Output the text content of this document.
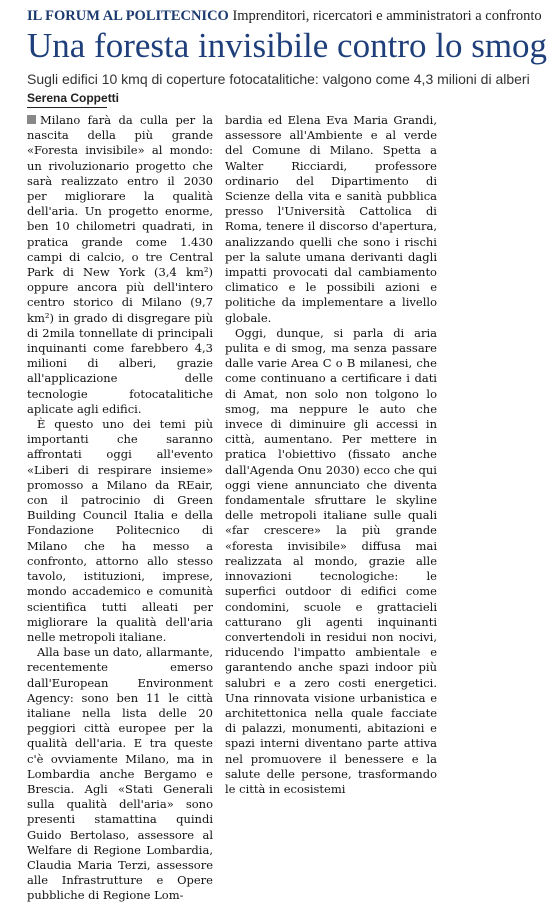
IL FORUM AL POLITECNICO Imprenditori, ricercatori e amministratori a confronto
Una foresta invisibile contro lo smog
Sugli edifici 10 kmq di coperture fotocatalitiche: valgono come 4,3 milioni di alberi
Serena Coppetti

Milano farà da culla per la nascita della più grande «Foresta invisibile» al mondo: un rivoluzionario progetto che sarà realizzato entro il 2030 per migliorare la qualità dell'aria. Un progetto enorme, ben 10 chilometri quadrati, in pratica grande come 1.430 campi di calcio, o tre Central Park di New York (3,4 km²) oppure ancora più dell'intero centro storico di Milano (9,7 km²) in grado di disgregare più di 2mila tonnellate di principali inquinanti come farebbero 4,3 milioni di alberi, grazie all'applicazione delle tecnologie fotocatalitiche aplicate agli edifici.

È questo uno dei temi più importanti che saranno affrontati oggi all'evento «Liberi di respirare insieme» promosso a Milano da REair, con il patrocinio di Green Building Council Italia e della Fondazione Politecnico di Milano che ha messo a confronto, attorno allo stesso tavolo, istituzioni, imprese, mondo accademico e comunità scientifica tutti alleati per migliorare la qualità dell'aria nelle metropoli italiane.

Alla base un dato, allarmante, recentemente emerso dall'European Environment Agency: sono ben 11 le città italiane nella lista delle 20 peggiori città europee per la qualità dell'aria. E tra queste c'è ovviamente Milano, ma in Lombardia anche Bergamo e Brescia. Agli «Stati Generali sulla qualità dell'aria» sono presenti stamattina quindi Guido Bertolaso, assessore al Welfare di Regione Lombardia, Claudia Maria Terzi, assessore alle Infrastrutture e Opere pubbliche di Regione Lom-

bardia ed Elena Eva Maria Grandi, assessore all'Ambiente e al verde del Comune di Milano. Spetta a Walter Ricciardi, professore ordinario del Dipartimento di Scienze della vita e sanità pubblica presso l'Università Cattolica di Roma, tenere il discorso d'apertura, analizzando quelli che sono i rischi per la salute umana derivanti dagli impatti provocati dal cambiamento climatico e le possibili azioni e politiche da implementare a livello globale.

Oggi, dunque, si parla di aria pulita e di smog, ma senza passare dalle varie Area C o B milanesi, che come continuano a certificare i dati di Amat, non solo non tolgono lo smog, ma neppure le auto che invece di diminuire gli accessi in città, aumentano. Per mettere in pratica l'obiettivo (fissato anche dall'Agenda Onu 2030) ecco che qui oggi viene annunciato che diventa fondamentale sfruttare le skyline delle metropoli italiane sulle quali «far crescere» la più grande «foresta invisibile» diffusa mai realizzata al mondo, grazie alle innovazioni tecnologiche: le superfici outdoor di edifici come condomini, scuole e grattacieli catturano gli agenti inquinanti convertendoli in residui non nocivi, riducendo l'impatto ambientale e garantendo anche spazi indoor più salubri e a zero costi energetici. Una rinnovata visione urbanistica e architettonica nella quale facciate di palazzi, monumenti, abitazioni e spazi interni diventano parte attiva nel promuovere il benessere e la salute delle persone, trasformando le città in ecosistemi
